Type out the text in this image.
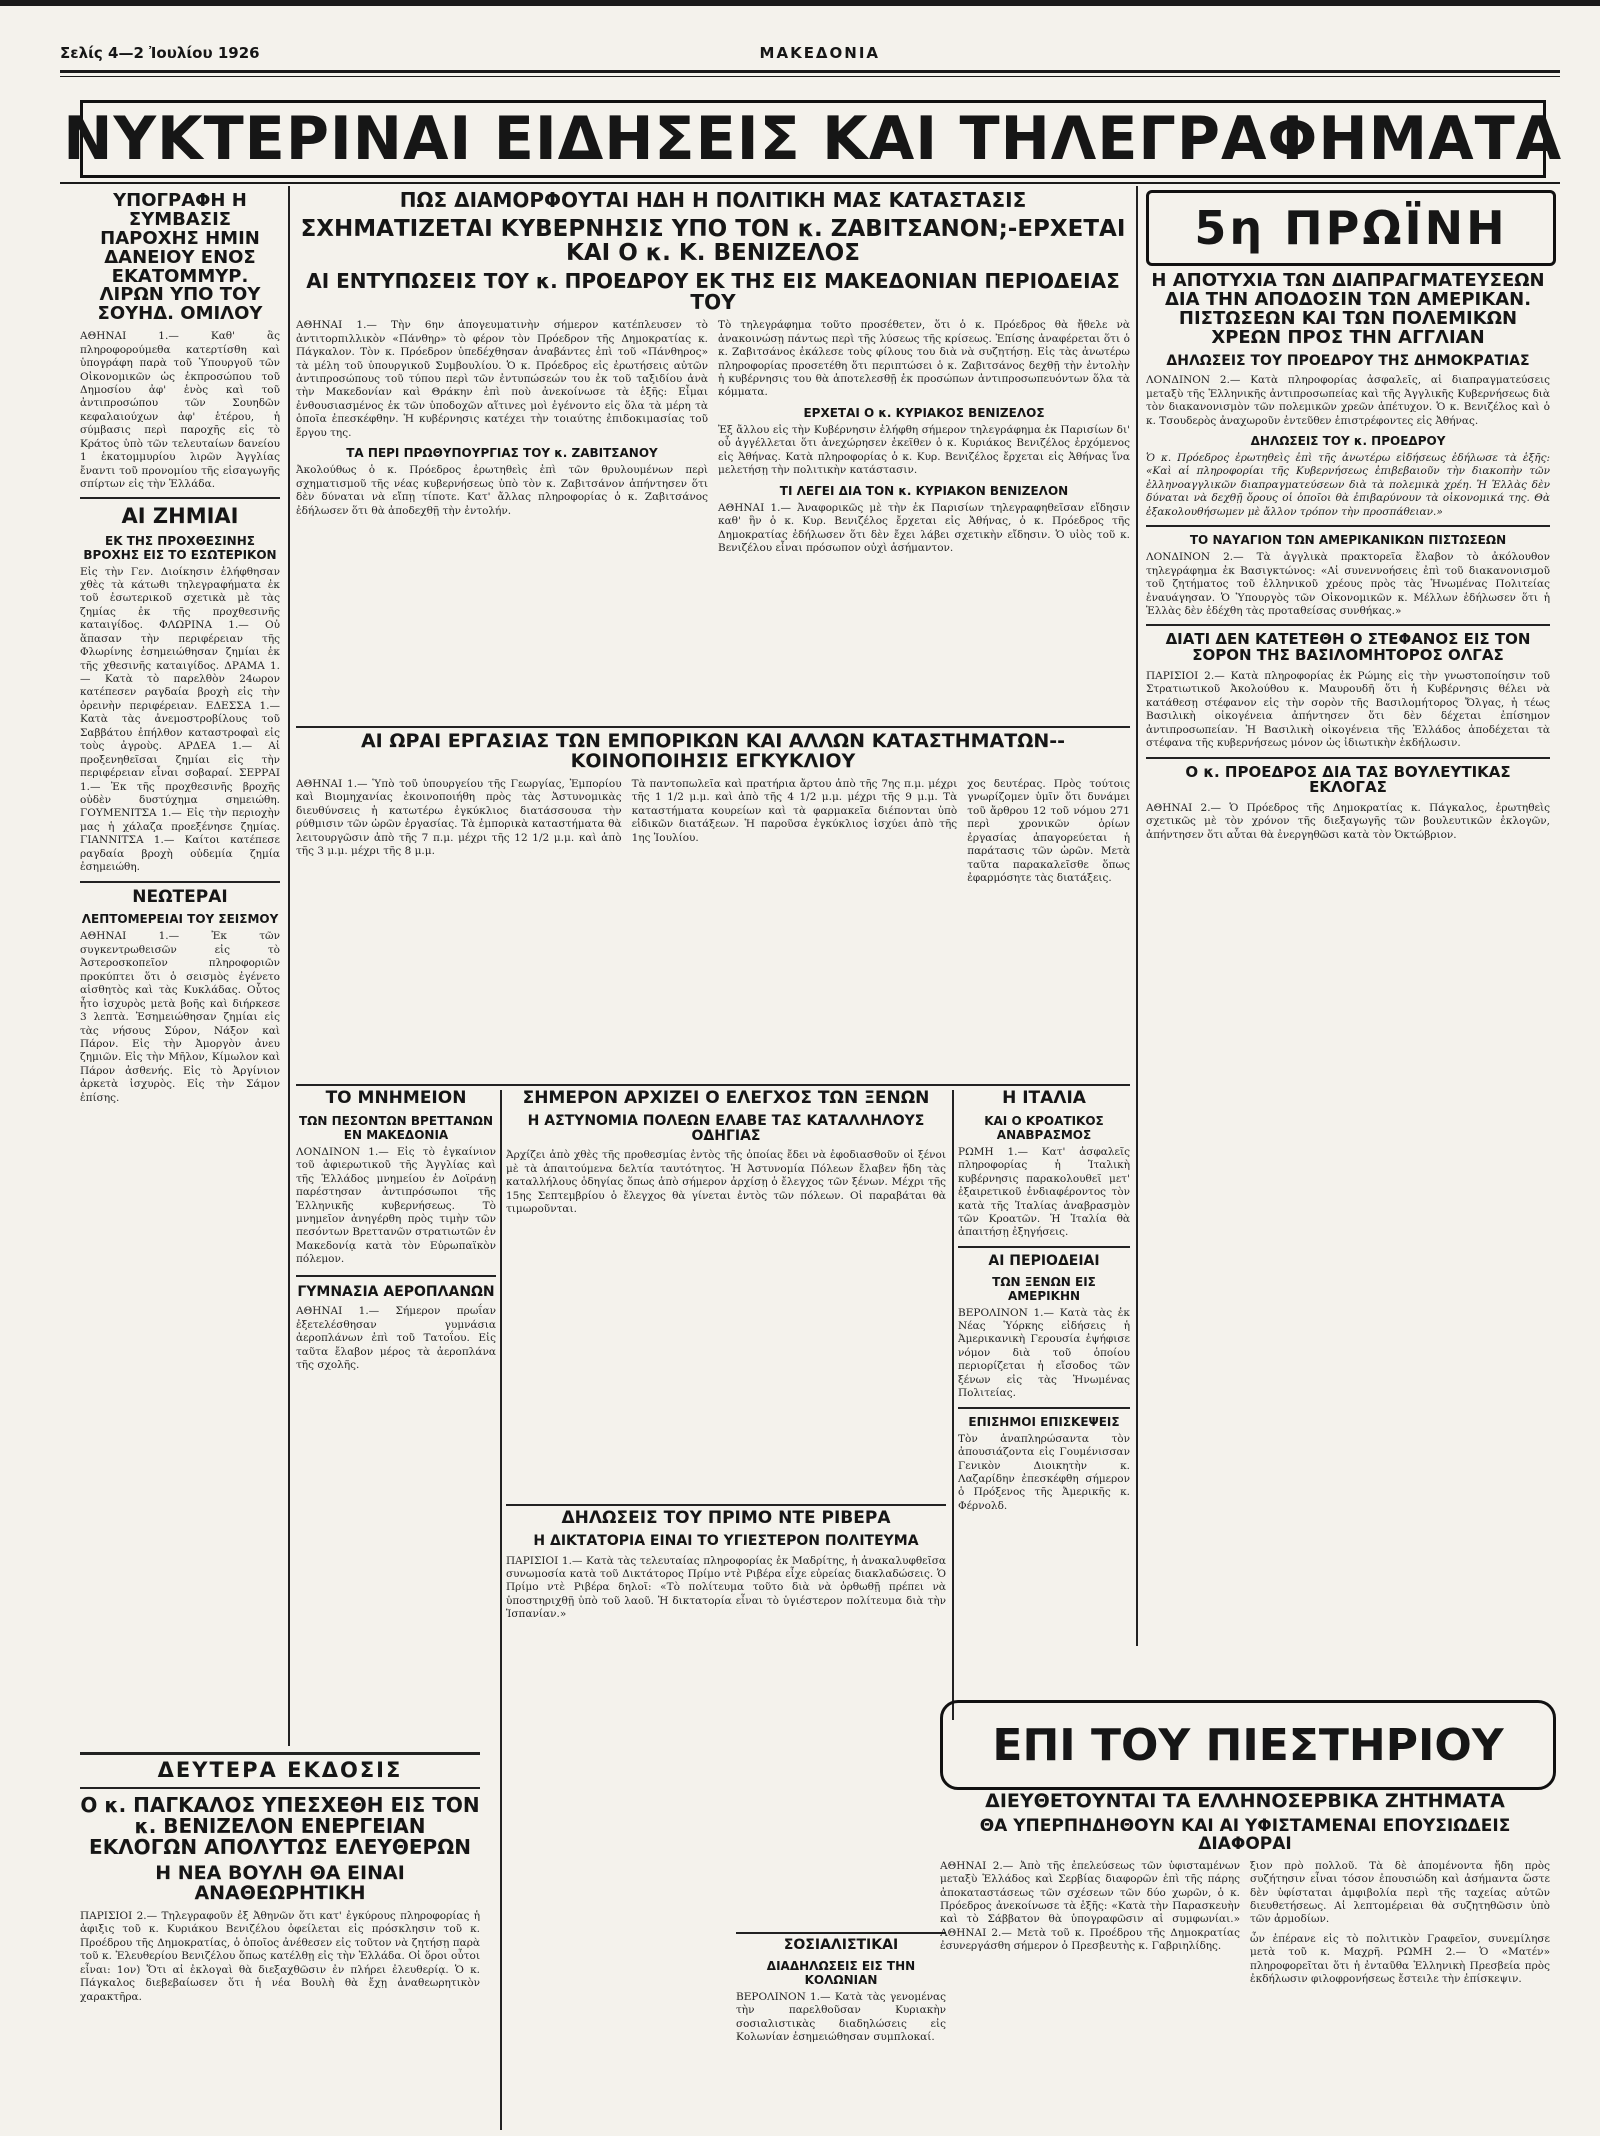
Σελίς 4—2 Ἰουλίου 1926	ΜΑΚΕΔΟΝΙΑ
ΝΥΚΤΕΡΙΝΑΙ ΕΙΔΗΣΕΙΣ ΚΑΙ ΤΗΛΕΓΡΑΦΗΜΑΤΑ
ΥΠΟΓΡΑΦΗ Η ΣΥΜΒΑΣΙΣ ΠΑΡΟΧΗΣ ΗΜΙΝ ΔΑΝΕΙΟΥ ΕΝΟΣ ΕΚΑΤΟΜΜΥΡ. ΛΙΡΩΝ ΥΠΟ ΤΟΥ ΣΟΥΗΔ. ΟΜΙΛΟΥ

ΑΘΗΝΑΙ 1.— Καθ' ἃς πληροφορούμεθα κατερτίσθη καὶ ὑπογράφη παρὰ τοῦ Ὑπουργοῦ τῶν Οἰκονομικῶν ὡς ἐκπροσώπου τοῦ Δημοσίου ἀφ' ἑνὸς καὶ τοῦ ἀντιπροσώπου τῶν Σουηδῶν κεφαλαιούχων ἀφ' ἑτέρου, ἡ σύμβασις περὶ παροχῆς εἰς τὸ Κράτος ὑπὸ τῶν τελευταίων δανείου 1 ἑκατομμυρίου λιρῶν Ἀγγλίας ἔναντι τοῦ προνομίου τῆς εἰσαγωγῆς σπίρτων εἰς τὴν Ἑλλάδα.

ΑΙ ΖΗΜΙΑΙ
ΕΚ ΤΗΣ ΠΡΟΧΘΕΣΙΝΗΣ ΒΡΟΧΗΣ ΕΙΣ ΤΟ ΕΣΩΤΕΡΙΚΟΝ

Εἰς τὴν Γεν. Διοίκησιν ἐλήφθησαν χθὲς τὰ κάτωθι τηλεγραφήματα ἐκ τοῦ ἐσωτερικοῦ σχετικὰ μὲ τὰς ζημίας ἐκ τῆς προχθεσινῆς καταιγίδος. ΦΛΩΡΙΝΑ 1.— Οὐ ἅπασαν τὴν περιφέρειαν τῆς Φλωρίνης ἐσημειώθησαν ζημίαι ἐκ τῆς χθεσινῆς καταιγίδος. ΔΡΑΜΑ 1.— Κατὰ τὸ παρελθὸν 24ωρον κατέπεσεν ραγδαία βροχὴ εἰς τὴν ὀρεινὴν περιφέρειαν. ΕΔΕΣΣΑ 1.— Κατὰ τὰς ἀνεμοστροβίλους τοῦ Σαββάτου ἐπήλθον καταστροφαὶ εἰς τοὺς ἀγροὺς. ΑΡΔΕΑ 1.— Αἱ προξενηθεῖσαι ζημίαι εἰς τὴν περιφέρειαν εἶναι σοβαραί. ΣΕΡΡΑΙ 1.— Ἐκ τῆς προχθεσινῆς βροχῆς οὐδὲν δυστύχημα σημειώθη. ΓΟΥΜΕΝΙΤΣΑ 1.— Εἰς τὴν περιοχὴν μας ἡ χάλαζα προεξένησε ζημίας. ΓΙΑΝΝΙΤΣΑ 1.— Καίτοι κατέπεσε ραγδαία βροχὴ οὐδεμία ζημία ἐσημειώθη.

ΝΕΩΤΕΡΑΙ
ΛΕΠΤΟΜΕΡΕΙΑΙ ΤΟΥ ΣΕΙΣΜΟΥ

ΑΘΗΝΑΙ 1.— Ἐκ τῶν συγκεντρωθεισῶν εἰς τὸ Ἀστεροσκοπεῖον πληροφοριῶν προκύπτει ὅτι ὁ σεισμὸς ἐγένετο αἰσθητὸς καὶ τὰς Κυκλάδας. Οὗτος ἦτο ἰσχυρὸς μετὰ βοῆς καὶ διήρκεσε 3 λεπτὰ. Ἐσημειώθησαν ζημίαι εἰς τὰς νήσους Σύρον, Νάξον καὶ Πάρον. Εἰς τὴν Ἀμοργὸν ἀνευ ζημιῶν. Εἰς τὴν Μῆλον, Κίμωλον καὶ Πάρον ἀσθενής. Εἰς τὸ Ἀργίνιον ἀρκετὰ ἰσχυρὸς. Εἰς τὴν Σάμον ἐπίσης.

ΔΕΥΤΕΡΑ ΕΚΔΟΣΙΣ
Ο κ. ΠΑΓΚΑΛΟΣ ΥΠΕΣΧΕΘΗ ΕΙΣ ΤΟΝ κ. ΒΕΝΙΖΕΛΟΝ ΕΝΕΡΓΕΙΑΝ ΕΚΛΟΓΩΝ ΑΠΟΛΥΤΩΣ ΕΛΕΥΘΕΡΩΝ
Η ΝΕΑ ΒΟΥΛΗ ΘΑ ΕΙΝΑΙ ΑΝΑΘΕΩΡΗΤΙΚΗ

ΠΑΡΙΣΙΟΙ 2.— Τηλεγραφοῦν ἐξ Ἀθηνῶν ὅτι κατ' ἐγκύρους πληροφορίας ἡ ἀφιξις τοῦ κ. Κυριάκου Βενιζέλου ὀφείλεται εἰς πρόσκλησιν τοῦ κ. Προέδρου τῆς Δημοκρατίας, ὁ ὁποῖος ἀνέθεσεν εἰς τοῦτον νὰ ζητήσῃ παρὰ τοῦ κ. Ἐλευθερίου Βενιζέλου ὅπως κατέλθῃ εἰς τὴν Ἑλλάδα. Οἱ ὅροι οὗτοι εἶναι: 1ον) Ὅτι αἱ ἐκλογαὶ θὰ διεξαχθῶσιν ἐν πλήρει ἐλευθερίᾳ. Ὁ κ. Πάγκαλος διεβεβαίωσεν ὅτι ἡ νέα Βουλὴ θὰ ἔχῃ ἀναθεωρητικὸν χαρακτῆρα.

ΠΩΣ ΔΙΑΜΟΡΦΟΥΤΑΙ ΗΔΗ Η ΠΟΛΙΤΙΚΗ ΜΑΣ ΚΑΤΑΣΤΑΣΙΣ
ΣΧΗΜΑΤΙΖΕΤΑΙ ΚΥΒΕΡΝΗΣΙΣ ΥΠΟ ΤΟΝ κ. ΖΑΒΙΤΣΑΝΟΝ;-ΕΡΧΕΤΑΙ ΚΑΙ Ο κ. Κ. ΒΕΝΙΖΕΛΟΣ
ΑΙ ΕΝΤΥΠΩΣΕΙΣ ΤΟΥ κ. ΠΡΟΕΔΡΟΥ ΕΚ ΤΗΣ ΕΙΣ ΜΑΚΕΔΟΝΙΑΝ ΠΕΡΙΟΔΕΙΑΣ ΤΟΥ

ΑΘΗΝΑΙ 1.— Τὴν 6ην ἀπογευματινὴν σήμερον κατέπλευσεν τὸ ἀντιτορπιλλικὸν «Πάνθηρ» τὸ φέρον τὸν Πρόεδρον τῆς Δημοκρατίας κ. Πάγκαλον. Τὸν κ. Πρόεδρον ὑπεδέχθησαν ἀναβάντες ἐπὶ τοῦ «Πάνθηρος» τὰ μέλη τοῦ ὑπουργικοῦ Συμβουλίου. Ὁ κ. Πρόεδρος εἰς ἐρωτήσεις αὐτῶν ἀντιπροσώπους τοῦ τύπου περὶ τῶν ἐντυπώσεών του ἐκ τοῦ ταξιδίου ἀνὰ τὴν Μακεδονίαν καὶ Θράκην ἐπὶ ποὺ ἀνεκοίνωσε τὰ ἑξῆς: Εἶμαι ἐνθουσιασμένος ἐκ τῶν ὑποδοχῶν αἵτινες μοὶ ἐγένοντο εἰς ὅλα τὰ μέρη τὰ ὁποῖα ἐπεσκέφθην. Ἡ κυβέρνησις κατέχει τὴν τοιαύτης ἐπιδοκιμασίας τοῦ ἔργου της.

ΤΑ ΠΕΡΙ ΠΡΩΘΥΠΟΥΡΓΙΑΣ ΤΟΥ κ. ΖΑΒΙΤΣΑΝΟΥ

Ἀκολούθως ὁ κ. Πρόεδρος ἐρωτηθεὶς ἐπὶ τῶν θρυλουμένων περὶ σχηματισμοῦ τῆς νέας κυβερνήσεως ὑπὸ τὸν κ. Ζαβιτσάνον ἀπήντησεν ὅτι δὲν δύναται νὰ εἴπῃ τίποτε. Κατ' ἄλλας πληροφορίας ὁ κ. Ζαβιτσάνος ἐδήλωσεν ὅτι θὰ ἀποδεχθῇ τὴν ἐντολήν.

Τὸ τηλεγράφημα τοῦτο προσέθετεν, ὅτι ὁ κ. Πρόεδρος θὰ ἤθελε νὰ ἀνακοινώσῃ πάντως περὶ τῆς λύσεως τῆς κρίσεως. Ἐπίσης ἀναφέρεται ὅτι ὁ κ. Ζαβιτσάνος ἐκάλεσε τοὺς φίλους του διὰ νὰ συζητήσῃ. Εἰς τὰς ἀνωτέρω πληροφορίας προσετέθη ὅτι περιπτώσει ὁ κ. Ζαβιτσάνος δεχθῇ τὴν ἐντολὴν ἡ κυβέρνησις του θὰ ἀποτελεσθῇ ἐκ προσώπων ἀντιπροσωπευόντων ὅλα τὰ κόμματα.

ΕΡΧΕΤΑΙ Ο κ. ΚΥΡΙΑΚΟΣ ΒΕΝΙΖΕΛΟΣ

Ἐξ ἄλλου εἰς τὴν Κυβέρνησιν ἐλήφθη σήμερον τηλεγράφημα ἐκ Παρισίων δι' οὗ ἀγγέλλεται ὅτι ἀνεχώρησεν ἐκεῖθεν ὁ κ. Κυριάκος Βενιζέλος ἐρχόμενος εἰς Ἀθήνας. Κατὰ πληροφορίας ὁ κ. Κυρ. Βενιζέλος ἔρχεται εἰς Ἀθήνας ἵνα μελετήσῃ τὴν πολιτικὴν κατάστασιν.

ΤΙ ΛΕΓΕΙ ΔΙΑ ΤΟΝ κ. ΚΥΡΙΑΚΟΝ ΒΕΝΙΖΕΛΟΝ

ΑΘΗΝΑΙ 1.— Ἀναφορικῶς μὲ τὴν ἐκ Παρισίων τηλεγραφηθεῖσαν εἴδησιν καθ' ἣν ὁ κ. Κυρ. Βενιζέλος ἔρχεται εἰς Ἀθήνας, ὁ κ. Πρόεδρος τῆς Δημοκρατίας ἐδήλωσεν ὅτι δὲν ἔχει λάβει σχετικὴν εἴδησιν. Ὁ υἱὸς τοῦ κ. Βενιζέλου εἶναι πρόσωπον οὐχὶ ἀσήμαντον.

ΑΙ ΩΡΑΙ ΕΡΓΑΣΙΑΣ ΤΩΝ ΕΜΠΟΡΙΚΩΝ ΚΑΙ ΑΛΛΩΝ ΚΑΤΑΣΤΗΜΑΤΩΝ--ΚΟΙΝΟΠΟΙΗΣΙΣ ΕΓΚΥΚΛΙΟΥ

ΑΘΗΝΑΙ 1.— Ὑπὸ τοῦ ὑπουργείου τῆς Γεωργίας, Ἐμπορίου καὶ Βιομηχανίας ἐκοινοποιήθη πρὸς τὰς Ἀστυνομικὰς διευθύνσεις ἡ κατωτέρω ἐγκύκλιος διατάσσουσα τὴν ρύθμισιν τῶν ὡρῶν ἐργασίας. Τὰ ἐμπορικὰ καταστήματα θὰ λειτουργῶσιν ἀπὸ τῆς 7 π.μ. μέχρι τῆς 12 1/2 μ.μ. καὶ ἀπὸ τῆς 3 μ.μ. μέχρι τῆς 8 μ.μ.

Τὰ παντοπωλεῖα καὶ πρατήρια ἄρτου ἀπὸ τῆς 7ης π.μ. μέχρι τῆς 1 1/2 μ.μ. καὶ ἀπὸ τῆς 4 1/2 μ.μ. μέχρι τῆς 9 μ.μ. Τὰ καταστήματα κουρείων καὶ τὰ φαρμακεῖα διέπονται ὑπὸ εἰδικῶν διατάξεων. Ἡ παροῦσα ἐγκύκλιος ἰσχύει ἀπὸ τῆς 1ης Ἰουλίου.

χος δευτέρας. Πρὸς τούτοις γνωρίζομεν ὑμῖν ὅτι δυνάμει τοῦ ἄρθρου 12 τοῦ νόμου 271 περὶ χρονικῶν ὁρίων ἐργασίας ἀπαγορεύεται ἡ παράτασις τῶν ὡρῶν. Μετὰ ταῦτα παρακαλεῖσθε ὅπως ἐφαρμόσητε τὰς διατάξεις.

ΤΟ ΜΝΗΜΕΙΟΝ
ΤΩΝ ΠΕΣΟΝΤΩΝ ΒΡΕΤΤΑΝΩΝ ΕΝ ΜΑΚΕΔΟΝΙΑ

ΛΟΝΔΙΝΟΝ 1.— Εἰς τὸ ἐγκαίνιον τοῦ ἀφιερωτικοῦ τῆς Ἀγγλίας καὶ τῆς Ἑλλάδος μνημείου ἐν Δοϊράνῃ παρέστησαν ἀντιπρόσωποι τῆς Ἑλληνικῆς κυβερνήσεως. Τὸ μνημεῖον ἀνηγέρθη πρὸς τιμὴν τῶν πεσόντων Βρεττανῶν στρατιωτῶν ἐν Μακεδονίᾳ κατὰ τὸν Εὐρωπαϊκὸν πόλεμον.

ΓΥΜΝΑΣΙΑ ΑΕΡΟΠΛΑΝΩΝ

ΑΘΗΝΑΙ 1.— Σήμερον πρωΐαν ἐξετελέσθησαν γυμνάσια ἀεροπλάνων ἐπὶ τοῦ Τατοΐου. Εἰς ταῦτα ἔλαβον μέρος τὰ ἀεροπλάνα τῆς σχολῆς.

ΣΗΜΕΡΟΝ ΑΡΧΙΖΕΙ Ο ΕΛΕΓΧΟΣ ΤΩΝ ΞΕΝΩΝ
Η ΑΣΤΥΝΟΜΙΑ ΠΟΛΕΩΝ ΕΛΑΒΕ ΤΑΣ ΚΑΤΑΛΛΗΛΟΥΣ ΟΔΗΓΙΑΣ

Ἀρχίζει ἀπὸ χθὲς τῆς προθεσμίας ἐντὸς τῆς ὁποίας ἔδει νὰ ἐφοδιασθοῦν οἱ ξένοι μὲ τὰ ἀπαιτούμενα δελτία ταυτότητος. Ἡ Ἀστυνομία Πόλεων ἔλαβεν ἤδη τὰς καταλλήλους ὁδηγίας ὅπως ἀπὸ σήμερον ἀρχίσῃ ὁ ἔλεγχος τῶν ξένων. Μέχρι τῆς 15ης Σεπτεμβρίου ὁ ἔλεγχος θὰ γίνεται ἐντὸς τῶν πόλεων. Οἱ παραβάται θὰ τιμωροῦνται.

Η ΙΤΑΛΙΑ
ΚΑΙ Ο ΚΡΟΑΤΙΚΟΣ ΑΝΑΒΡΑΣΜΟΣ

ΡΩΜΗ 1.— Κατ' ἀσφαλεῖς πληροφορίας ἡ Ἰταλικὴ κυβέρνησις παρακολουθεῖ μετ' ἐξαιρετικοῦ ἐνδιαφέροντος τὸν κατὰ τῆς Ἰταλίας ἀναβρασμὸν τῶν Κροατῶν. Ἡ Ἰταλία θὰ ἀπαιτήσῃ ἐξηγήσεις.

ΑΙ ΠΕΡΙΟΔΕΙΑΙ
ΤΩΝ ΞΕΝΩΝ ΕΙΣ ΑΜΕΡΙΚΗΝ

ΒΕΡΟΛΙΝΟΝ 1.— Κατὰ τὰς ἐκ Νέας Ὑόρκης εἰδήσεις ἡ Ἀμερικανικὴ Γερουσία ἐψήφισε νόμον διὰ τοῦ ὁποίου περιορίζεται ἡ εἴσοδος τῶν ξένων εἰς τὰς Ἡνωμένας Πολιτείας.

ΕΠΙΣΗΜΟΙ ΕΠΙΣΚΕΨΕΙΣ

Τὸν ἀναπληρώσαντα τὸν ἀπουσιάζοντα εἰς Γουμένισσαν Γενικὸν Διοικητὴν κ. Λαζαρίδην ἐπεσκέφθη σήμερον ὁ Πρόξενος τῆς Ἀμερικῆς κ. Φέρνολδ.

ΔΗΛΩΣΕΙΣ ΤΟΥ ΠΡΙΜΟ ΝΤΕ ΡΙΒΕΡΑ
Η ΔΙΚΤΑΤΟΡΙΑ ΕΙΝΑΙ ΤΟ ΥΓΙΕΣΤΕΡΟΝ ΠΟΛΙΤΕΥΜΑ

ΠΑΡΙΣΙΟΙ 1.— Κατὰ τὰς τελευταίας πληροφορίας ἐκ Μαδρίτης, ἡ ἀνακαλυφθεῖσα συνωμοσία κατὰ τοῦ Δικτάτορος Πρίμο ντὲ Ριβέρα εἶχε εὐρείας διακλαδώσεις. Ὁ Πρίμο ντὲ Ριβέρα δηλοῖ: «Τὸ πολίτευμα τοῦτο διὰ νὰ ὀρθωθῇ πρέπει νὰ ὑποστηριχθῇ ὑπὸ τοῦ λαοῦ. Ἡ δικτατορία εἶναι τὸ ὑγιέστερον πολίτευμα διὰ τὴν Ἱσπανίαν.»

ΣΟΣΙΑΛΙΣΤΙΚΑΙ
ΔΙΑΔΗΛΩΣΕΙΣ ΕΙΣ ΤΗΝ ΚΟΛΩΝΙΑΝ

ΒΕΡΟΛΙΝΟΝ 1.— Κατὰ τὰς γενομένας τὴν παρελθοῦσαν Κυριακὴν σοσιαλιστικὰς διαδηλώσεις εἰς Κολωνίαν ἐσημειώθησαν συμπλοκαί.

5η ΠΡΩΪΝΗ
Η ΑΠΟΤΥΧΙΑ ΤΩΝ ΔΙΑΠΡΑΓΜΑΤΕΥΣΕΩΝ ΔΙΑ ΤΗΝ ΑΠΟΔΟΣΙΝ ΤΩΝ ΑΜΕΡΙΚΑΝ. ΠΙΣΤΩΣΕΩΝ ΚΑΙ ΤΩΝ ΠΟΛΕΜΙΚΩΝ ΧΡΕΩΝ ΠΡΟΣ ΤΗΝ ΑΓΓΛΙΑΝ
ΔΗΛΩΣΕΙΣ ΤΟΥ ΠΡΟΕΔΡΟΥ ΤΗΣ ΔΗΜΟΚΡΑΤΙΑΣ

ΛΟΝΔΙΝΟΝ 2.— Κατὰ πληροφορίας ἀσφαλεῖς, αἱ διαπραγματεύσεις μεταξὺ τῆς Ἑλληνικῆς ἀντιπροσωπείας καὶ τῆς Ἀγγλικῆς Κυβερνήσεως διὰ τὸν διακανονισμὸν τῶν πολεμικῶν χρεῶν ἀπέτυχον. Ὁ κ. Βενιζέλος καὶ ὁ κ. Τσουδερὸς ἀναχωροῦν ἐντεῦθεν ἐπιστρέφοντες εἰς Ἀθήνας.

ΔΗΛΩΣΕΙΣ ΤΟΥ κ. ΠΡΟΕΔΡΟΥ

Ὁ κ. Πρόεδρος ἐρωτηθεὶς ἐπὶ τῆς ἀνωτέρω εἰδήσεως ἐδήλωσε τὰ ἑξῆς: «Καὶ αἱ πληροφορίαι τῆς Κυβερνήσεως ἐπιβεβαιοῦν τὴν διακοπὴν τῶν ἑλληνοαγγλικῶν διαπραγματεύσεων διὰ τὰ πολεμικὰ χρέη. Ἡ Ἑλλὰς δὲν δύναται νὰ δεχθῇ ὅρους οἱ ὁποῖοι θὰ ἐπιβαρύνουν τὰ οἰκονομικά της. Θὰ ἐξακολουθήσωμεν μὲ ἄλλον τρόπον τὴν προσπάθειαν.»

ΤΟ ΝΑΥΑΓΙΟΝ ΤΩΝ ΑΜΕΡΙΚΑΝΙΚΩΝ ΠΙΣΤΩΣΕΩΝ

ΛΟΝΔΙΝΟΝ 2.— Τὰ ἀγγλικὰ πρακτορεῖα ἔλαβον τὸ ἀκόλουθον τηλεγράφημα ἐκ Βασιγκτώνος: «Αἱ συνεννοήσεις ἐπὶ τοῦ διακανονισμοῦ τοῦ ζητήματος τοῦ ἑλληνικοῦ χρέους πρὸς τὰς Ἡνωμένας Πολιτείας ἐναυάγησαν. Ὁ Ὑπουργὸς τῶν Οἰκονομικῶν κ. Μέλλων ἐδήλωσεν ὅτι ἡ Ἑλλὰς δὲν ἐδέχθη τὰς προταθείσας συνθήκας.»

ΔΙΑΤΙ ΔΕΝ ΚΑΤΕΤΕΘΗ Ο ΣΤΕΦΑΝΟΣ ΕΙΣ ΤΟΝ ΣΟΡΟΝ ΤΗΣ ΒΑΣΙΛΟΜΗΤΟΡΟΣ ΟΛΓΑΣ

ΠΑΡΙΣΙΟΙ 2.— Κατὰ πληροφορίας ἐκ Ρώμης εἰς τὴν γνωστοποίησιν τοῦ Στρατιωτικοῦ Ἀκολούθου κ. Μαυρουδῆ ὅτι ἡ Κυβέρνησις θέλει νὰ κατάθεσῃ στέφανον εἰς τὴν σορὸν τῆς Βασιλομήτορος Ὄλγας, ἡ τέως Βασιλικὴ οἰκογένεια ἀπήντησεν ὅτι δὲν δέχεται ἐπίσημον ἀντιπροσωπείαν. Ἡ Βασιλικὴ οἰκογένεια τῆς Ἑλλάδος ἀποδέχεται τὰ στέφανα τῆς κυβερνήσεως μόνον ὡς ἰδιωτικὴν ἐκδήλωσιν.

Ο κ. ΠΡΟΕΔΡΟΣ ΔΙΑ ΤΑΣ ΒΟΥΛΕΥΤΙΚΑΣ ΕΚΛΟΓΑΣ

ΑΘΗΝΑΙ 2.— Ὁ Πρόεδρος τῆς Δημοκρατίας κ. Πάγκαλος, ἐρωτηθεὶς σχετικῶς μὲ τὸν χρόνον τῆς διεξαγωγῆς τῶν βουλευτικῶν ἐκλογῶν, ἀπήντησεν ὅτι αὗται θὰ ἐνεργηθῶσι κατὰ τὸν Ὀκτώβριον.

ΕΠΙ ΤΟΥ ΠΙΕΣΤΗΡΙΟΥ
ΔΙΕΥΘΕΤΟΥΝΤΑΙ ΤΑ ΕΛΛΗΝΟΣΕΡΒΙΚΑ ΖΗΤΗΜΑΤΑ
ΘΑ ΥΠΕΡΠΗΔΗΘΟΥΝ ΚΑΙ ΑΙ ΥΦΙΣΤΑΜΕΝΑΙ ΕΠΟΥΣΙΩΔΕΙΣ ΔΙΑΦΟΡΑΙ

ΑΘΗΝΑΙ 2.— Ἀπὸ τῆς ἐπελεύσεως τῶν ὑφισταμένων μεταξὺ Ἑλλάδος καὶ Σερβίας διαφορῶν ἐπὶ τῆς πάρης ἀποκαταστάσεως τῶν σχέσεων τῶν δύο χωρῶν, ὁ κ. Πρόεδρος ἀνεκοίνωσε τὰ ἑξῆς: «Κατὰ τὴν Παρασκευὴν καὶ τὸ Σάββατον θὰ ὑπογραφῶσιν αἱ συμφωνίαι.» ΑΘΗΝΑΙ 2.— Μετὰ τοῦ κ. Προέδρου τῆς Δημοκρατίας ἐσυνεργάσθη σήμερον ὁ Πρεσβευτὴς κ. Γαβριηλίδης.

ξιον πρὸ πολλοῦ. Τὰ δὲ ἀπομένοντα ἤδη πρὸς συζήτησιν εἶναι τόσον ἐπουσιώδη καὶ ἀσήμαντα ὥστε δὲν ὑφίσταται ἀμφιβολία περὶ τῆς ταχείας αὐτῶν διευθετήσεως. Αἱ λεπτομέρειαι θὰ συζητηθῶσιν ὑπὸ τῶν ἁρμοδίων.

ὧν ἐπέρανε εἰς τὸ πολιτικὸν Γραφεῖον, συνεμίλησε μετὰ τοῦ κ. Μαχρῆ. ΡΩΜΗ 2.— Ὁ «Ματέν» πληροφορεῖται ὅτι ἡ ἐνταῦθα Ἑλληνικὴ Πρεσβεία πρὸς ἐκδήλωσιν φιλοφρονήσεως ἔστειλε τὴν ἐπίσκεψιν.
